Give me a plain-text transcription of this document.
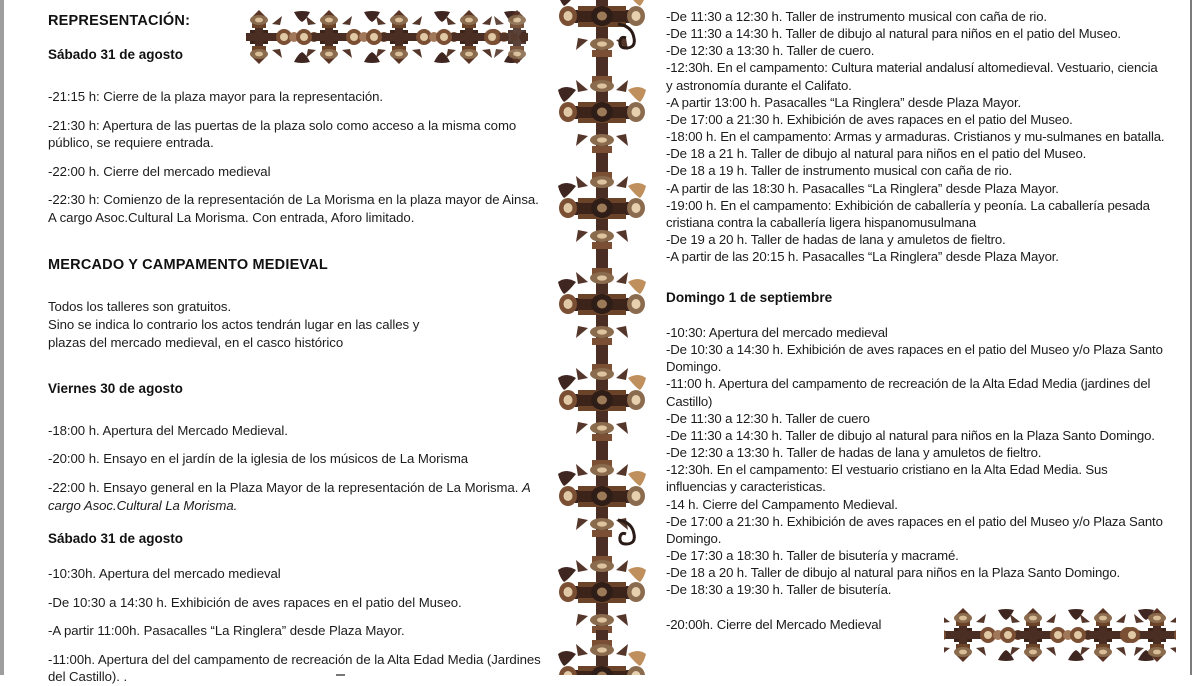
REPRESENTACIÓN:
Sábado 31 de agosto
-21:15 h: Cierre de la plaza mayor para la representación.
-21:30 h: Apertura de las puertas de la plaza solo como acceso a la misma como público, se requiere entrada.
-22:00 h. Cierre del mercado medieval
-22:30 h: Comienzo de la representación de La Morisma en la plaza mayor de Ainsa.
A cargo Asoc.Cultural La Morisma. Con entrada, Aforo limitado.
MERCADO Y CAMPAMENTO MEDIEVAL
Todos los talleres son gratuitos.
Sino se indica lo contrario los actos tendrán lugar en las calles y
plazas del mercado medieval, en el casco histórico
Viernes 30 de agosto
-18:00 h. Apertura del Mercado Medieval.
-20:00 h. Ensayo en el jardín de la iglesia de los músicos de La Morisma
-22:00 h. Ensayo general en la Plaza Mayor de la representación de La Morisma. A cargo Asoc.Cultural La Morisma.
Sábado 31 de agosto
-10:30h. Apertura del mercado medieval
-De 10:30 a 14:30 h. Exhibición de aves rapaces en el patio del Museo.
-A partir 11:00h. Pasacalles “La Ringlera” desde Plaza Mayor.
-11:00h. Apertura del del campamento de recreación de la Alta Edad Media (Jardines del Castillo). .
-De 11:30 a 12:30 h. Taller de instrumento musical con caña de rio.
-De 11:30 a 14:30 h. Taller de dibujo al natural para niños en el patio del Museo.
-De 12:30 a 13:30 h. Taller de cuero.
-12:30h. En el campamento: Cultura material andalusí altomedieval. Vestuario, ciencia y astronomía durante el Califato.
-A partir 13:00 h. Pasacalles “La Ringlera” desde Plaza Mayor.
-De 17:00 a 21:30 h. Exhibición de aves rapaces en el patio del Museo.
-18:00 h. En el campamento: Armas y armaduras. Cristianos y mu-sulmanes en batalla.
-De 18 a 21 h. Taller de dibujo al natural para niños en el patio del Museo.
-De 18 a 19 h. Taller de instrumento musical con caña de rio.
-A partir de las 18:30 h. Pasacalles “La Ringlera” desde Plaza Mayor.
-19:00 h. En el campamento: Exhibición de caballería y peonía. La caballería pesada cristiana contra la caballería ligera hispanomusulmana
-De 19 a 20 h. Taller de hadas de lana y amuletos de fieltro.
-A partir de las 20:15 h. Pasacalles “La Ringlera” desde Plaza Mayor.
Domingo 1 de septiembre
-10:30: Apertura del mercado medieval
-De 10:30 a 14:30 h. Exhibición de aves rapaces en el patio del Museo y/o Plaza Santo Domingo.
-11:00 h. Apertura del campamento de recreación de la Alta Edad Media (jardines del Castillo)
-De 11:30 a 12:30 h. Taller de cuero
-De 11:30 a 14:30 h. Taller de dibujo al natural para niños en la Plaza Santo Domingo.
-De 12:30 a 13:30 h. Taller de hadas de lana y amuletos de fieltro.
-12:30h. En el campamento: El vestuario cristiano en la Alta Edad Media. Sus influencias y caracteristicas.
-14 h. Cierre del Campamento Medieval.
-De 17:00 a 21:30 h. Exhibición de aves rapaces en el patio del Museo y/o Plaza Santo Domingo.
-De 17:30 a 18:30 h. Taller de bisutería y macramé.
-De 18 a 20 h. Taller de dibujo al natural para niños en la Plaza Santo Domingo.
-De 18:30 a 19:30 h. Taller de bisutería.
-20:00h. Cierre del Mercado Medieval
